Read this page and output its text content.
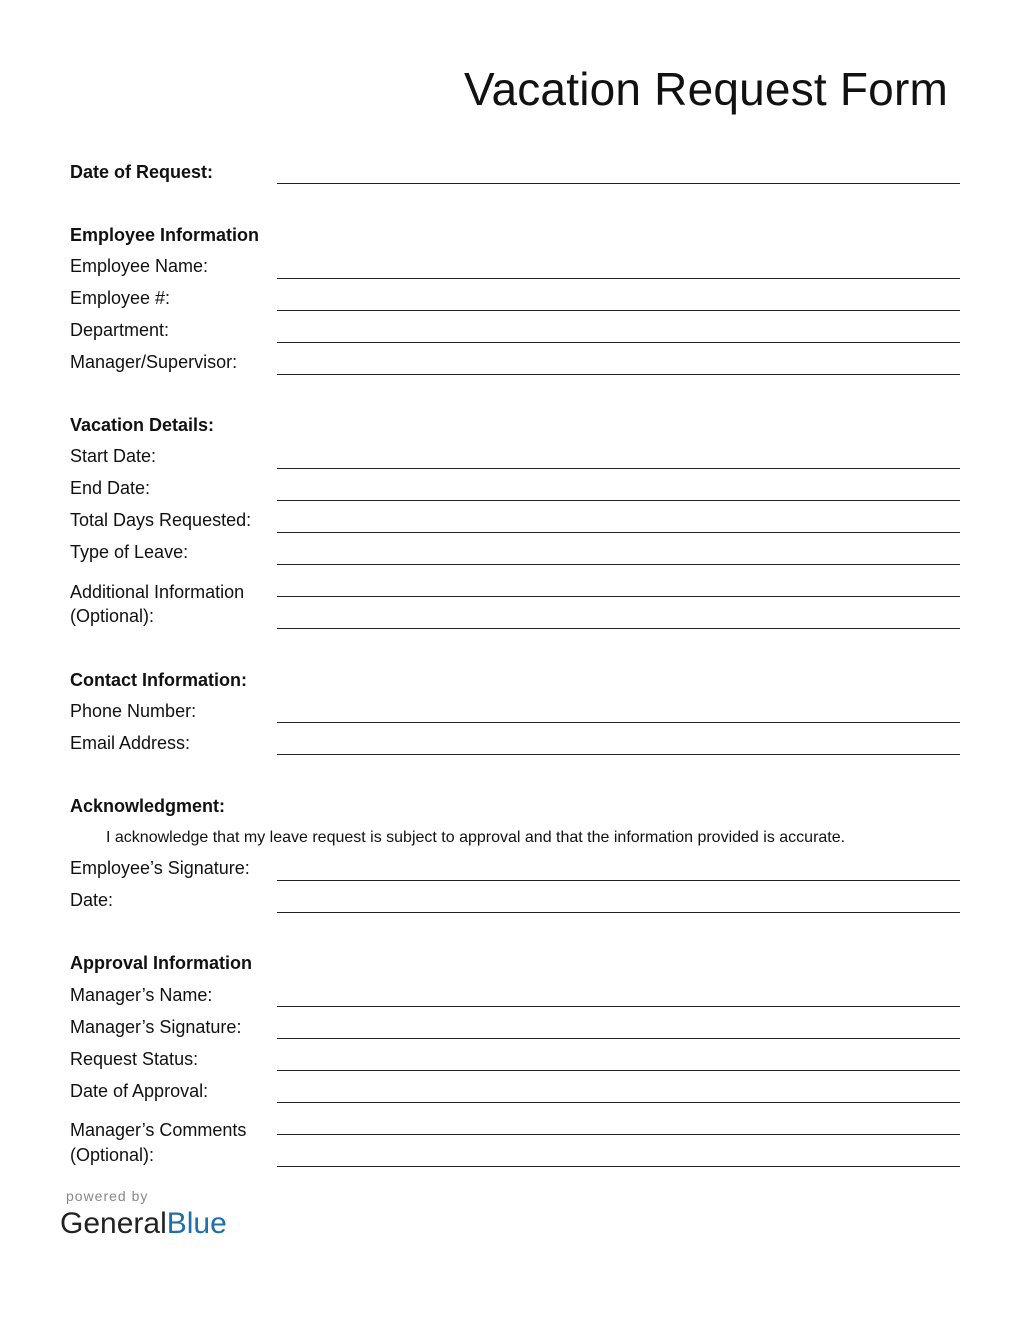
Vacation Request Form
Date of Request:
Employee Information
Employee Name:
Employee #:
Department:
Manager/Supervisor:
Vacation Details:
Start Date:
End Date:
Total Days Requested:
Type of Leave:
Additional Information
(Optional):
Contact Information:
Phone Number:
Email Address:
Acknowledgment:
I acknowledge that my leave request is subject to approval and that the information provided is accurate.
Employee’s Signature:
Date:
Approval Information
Manager’s Name:
Manager’s Signature:
Request Status:
Date of Approval:
Manager’s Comments
(Optional):
powered by
GeneralBlue
